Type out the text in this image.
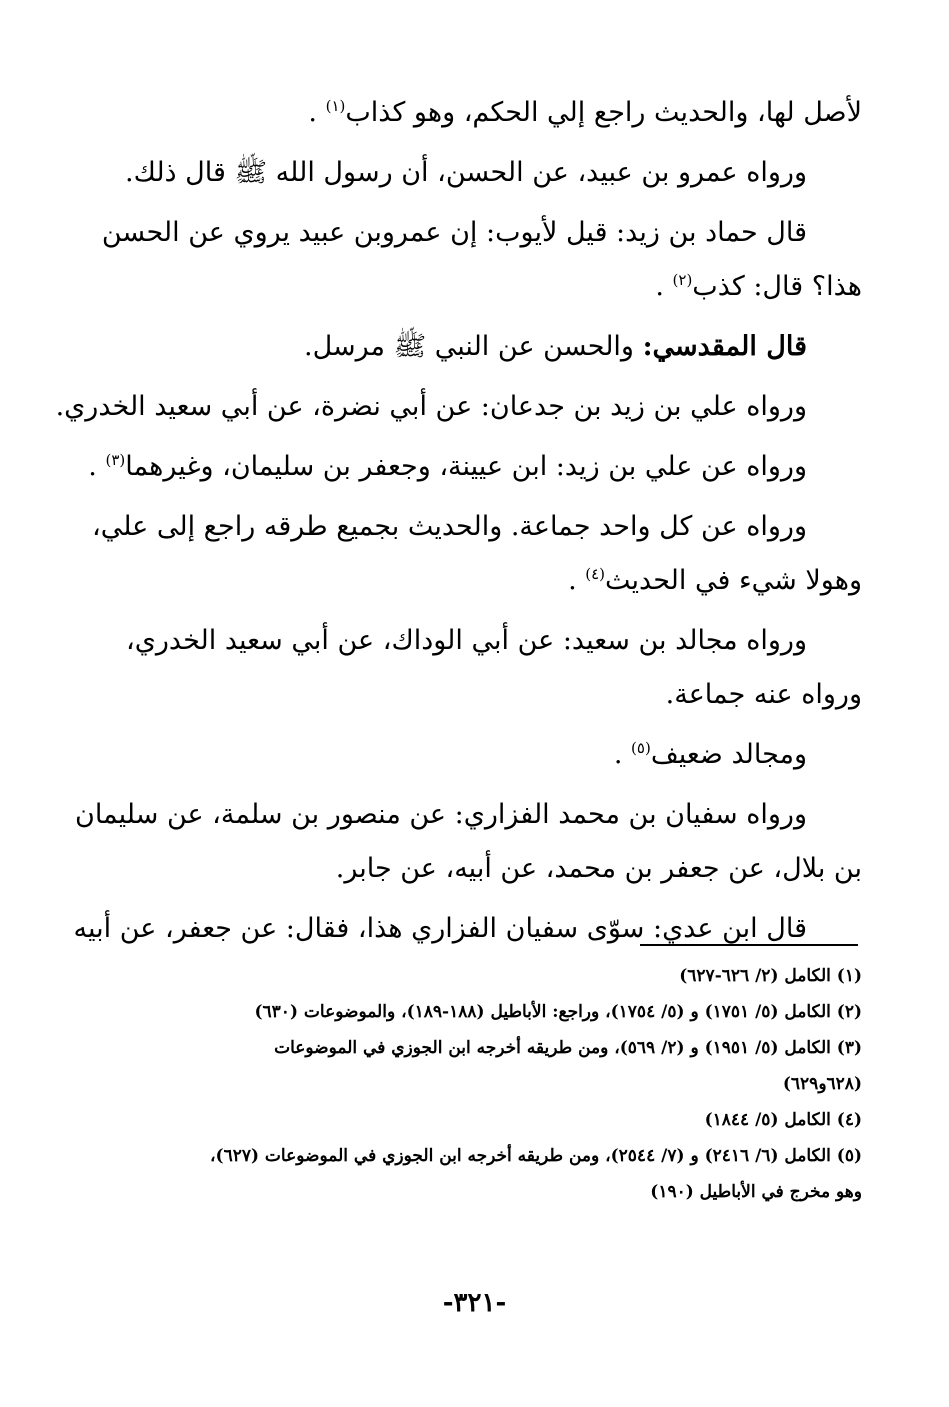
لأصل لها، والحديث راجع إلي الحكم، وهو كذاب$^{(١)}$ .
ورواه عمرو بن عبيد، عن الحسن، أن رسول الله ﷺ قال ذلك.
قال حماد بن زيد: قيل لأيوب: إن عمروبن عبيد يروي عن الحسن
هذا؟ قال: كذب$^{(٢)}$ .
قال المقدسي: والحسن عن النبي ﷺ مرسل.
ورواه علي بن زيد بن جدعان: عن أبي نضرة، عن أبي سعيد الخدري.
ورواه عن علي بن زيد: ابن عيينة، وجعفر بن سليمان، وغيرهما$^{(٣)}$ .
ورواه عن كل واحد جماعة. والحديث بجميع طرقه راجع إلى علي،
وهولا شيء في الحديث$^{(٤)}$ .
ورواه مجالد بن سعيد: عن أبي الوداك، عن أبي سعيد الخدري،
ورواه عنه جماعة.
ومجالد ضعيف$^{(٥)}$ .
ورواه سفيان بن محمد الفزاري: عن منصور بن سلمة، عن سليمان
بن بلال، عن جعفر بن محمد، عن أبيه، عن جابر.
قال ابن عدي: سوّى سفيان الفزاري هذا، فقال: عن جعفر، عن أبيه
(١) الكامل (٢/ ٦٢٦-٦٢٧)
(٢) الكامل (٥/ ١٧٥١) و (٥/ ١٧٥٤)، وراجع: الأباطيل (١٨٨-١٨٩)، والموضوعات (٦٣٠)
(٣) الكامل (٥/ ١٩٥١) و (٢/ ٥٦٩)، ومن طريقه أخرجه ابن الجوزي في الموضوعات
(٦٢٨و٦٢٩)
(٤) الكامل (٥/ ١٨٤٤)
(٥) الكامل (٦/ ٢٤١٦) و (٧/ ٢٥٤٤)، ومن طريقه أخرجه ابن الجوزي في الموضوعات (٦٢٧)،
وهو مخرج في الأباطيل (١٩٠)
-٣٢١-
